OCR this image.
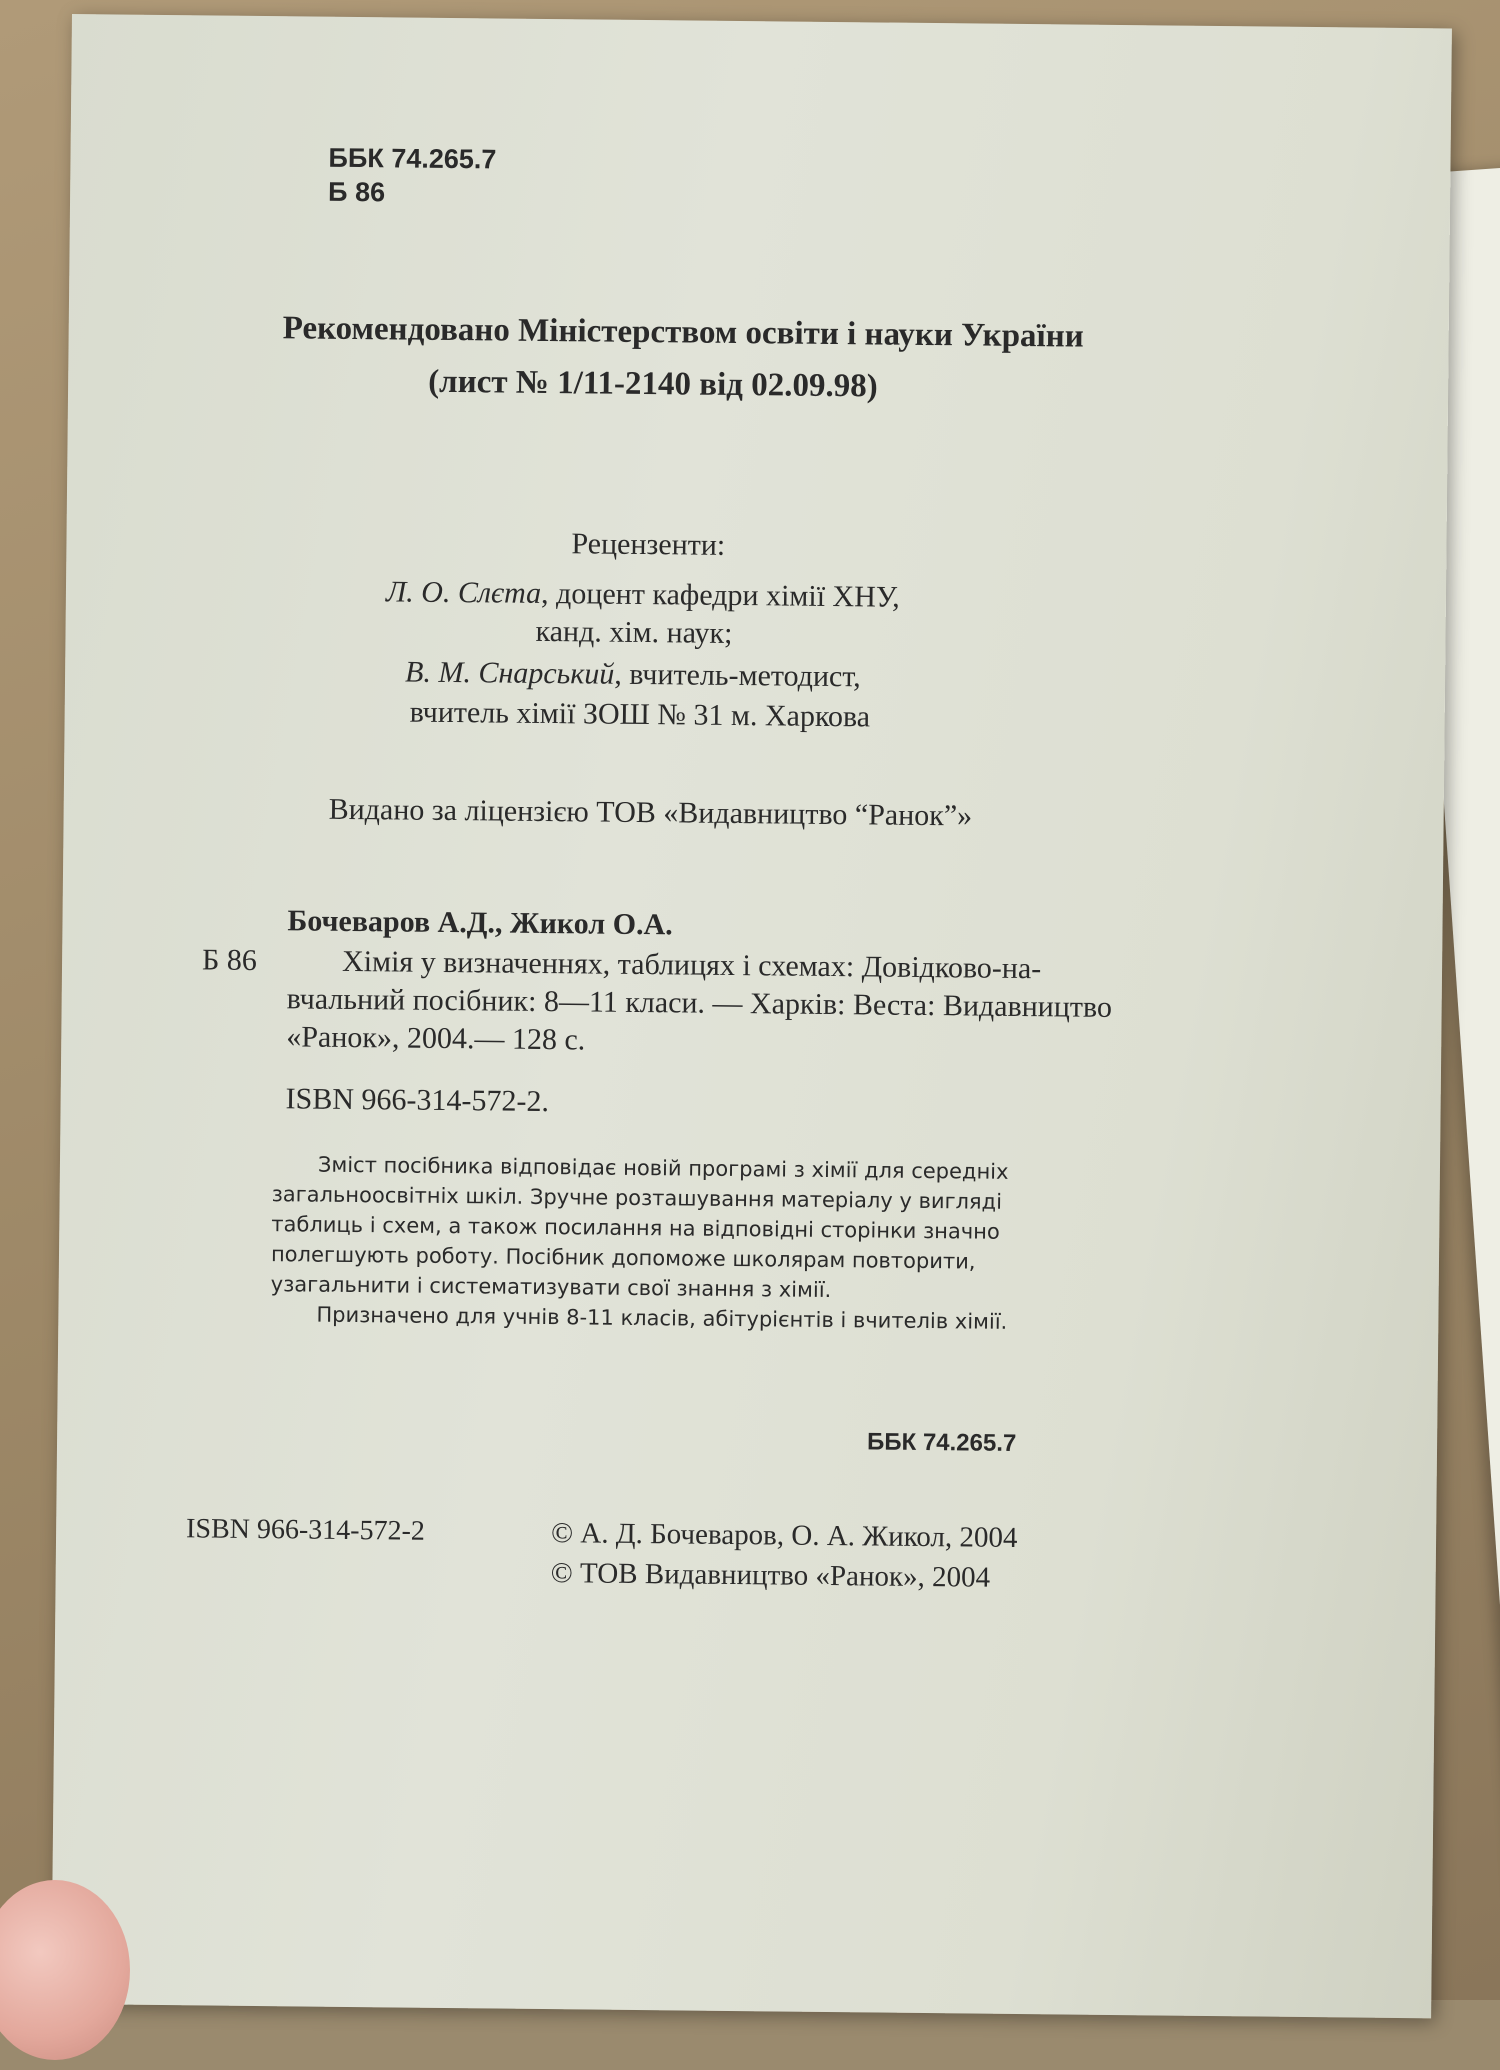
ББК 74.265.7

Б 86

Рекомендовано Міністерством освіти і науки України

(лист № 1/11-2140 від 02.09.98)

Рецензенти:

Л. О. Слєта, доцент кафедри хімії ХНУ,

канд. хім. наук;

В. М. Снарський, вчитель-методист,

вчитель хімії ЗОШ № 31 м. Харкова

Видано за ліцензією ТОВ «Видавництво “Ранок”»

Бочеваров А.Д., Жикол О.А.

Б 86	Хімія у визначеннях, таблицях і схемах: Довідково-на-

вчальний посібник: 8—11 класи. — Харків: Веста: Видавництво

«Ранок», 2004.— 128 с.

ISBN 966-314-572-2.

Зміст посібника відповідає новій програмі з хімії для середніх

загальноосвітніх шкіл. Зручне розташування матеріалу у вигляді

таблиць і схем, а також посилання на відповідні сторінки значно

полегшують роботу. Посібник допоможе школярам повторити,

узагальнити і систематизувати свої знання з хімії.

Призначено для учнів 8-11 класів, абітурієнтів і вчителів хімії.

ББК 74.265.7

ISBN 966-314-572-2	© А. Д. Бочеваров, О. А. Жикол, 2004

© ТОВ Видавництво «Ранок», 2004
